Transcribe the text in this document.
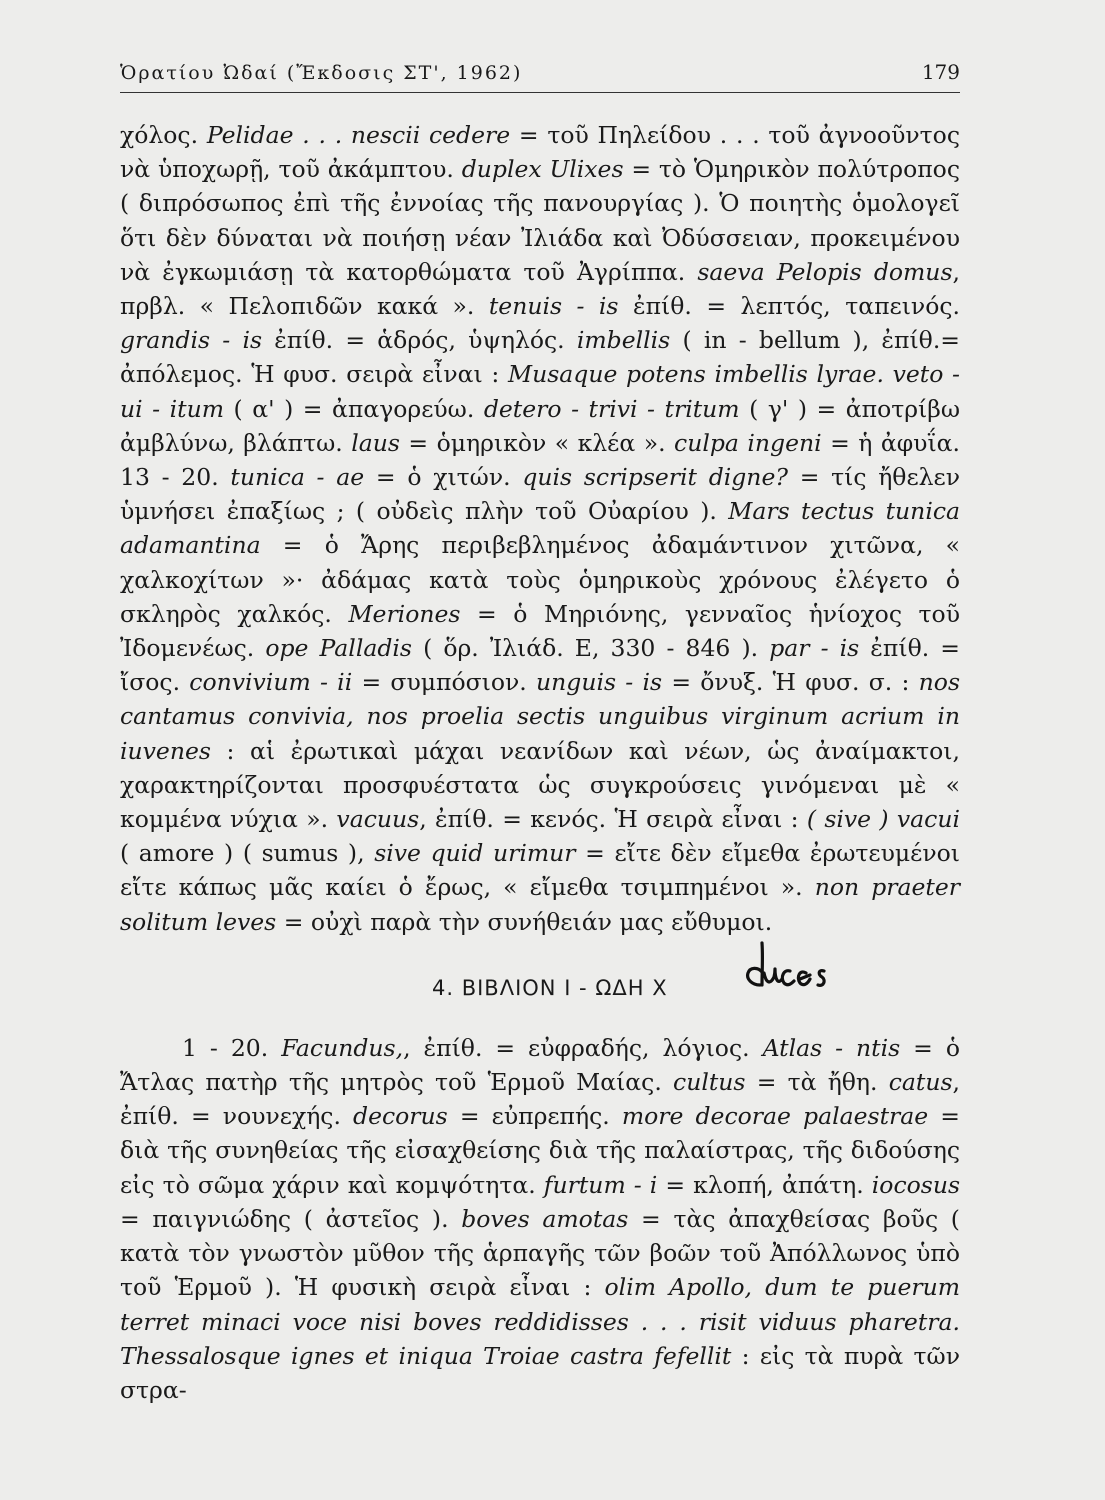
Ὁρατίου Ὠδαί (Ἔκδοσις ΣΤ', 1962)	179

χόλος. Pelidae . . . nescii cedere = τοῦ Πηλείδου . . . τοῦ ἀγνοοῦντος νὰ ὑποχωρῇ, τοῦ ἀκάμπτου. duplex Ulixes = τὸ Ὁμηρικὸν πολύτροπος ( διπρόσωπος ἐπὶ τῆς ἐννοίας τῆς πανουργίας ). Ὁ ποιητὴς ὁμολογεῖ ὅτι δὲν δύναται νὰ ποιήσῃ νέαν Ἰλιάδα καὶ Ὀδύσσειαν, προκειμένου νὰ ἐγκωμιάσῃ τὰ κατορθώματα τοῦ Ἀγρίππα. saeva Pelopis domus, πρβλ. « Πελοπιδῶν κακά ». tenuis - is ἐπίθ. = λεπτός, ταπεινός. grandis - is ἐπίθ. = ἁδρός, ὑψηλός. imbellis ( in - bellum ), ἐπίθ.= ἀπόλεμος. Ἡ φυσ. σειρὰ εἶναι : Musaque potens imbellis lyrae. veto - ui - itum ( α' ) = ἀπαγορεύω. detero - trivi - tritum ( γ' ) = ἀποτρίβω ἀμβλύνω, βλάπτω. laus = ὁμηρικὸν « κλέα ». culpa ingeni = ἡ ἀφυΐα. 13 - 20. tunica - ae = ὁ χιτών. quis scripserit digne? = τίς ἤθελεν ὑμνήσει ἐπαξίως ; ( οὐδεὶς πλὴν τοῦ Οὐαρίου ). Mars tectus tunica adamantina = ὁ Ἄρης περιβεβλημένος ἀδαμάντινον χιτῶνα, « χαλκοχίτων »· ἀδάμας κατὰ τοὺς ὁμηρικοὺς χρόνους ἐλέγετο ὁ σκληρὸς χαλκός. Meriones = ὁ Μηριόνης, γενναῖος ἡνίοχος τοῦ Ἰδομενέως. ope Palladis ( ὅρ. Ἰλιάδ. Ε, 330 - 846 ). par - is ἐπίθ. = ἴσος. convivium - ii = συμπόσιον. unguis - is = ὄνυξ. Ἡ φυσ. σ. : nos cantamus convivia, nos proelia sectis unguibus virginum acrium in iuvenes : αἱ ἐρωτικαὶ μάχαι νεανίδων καὶ νέων, ὡς ἀναίμακτοι, χαρακτηρίζονται προσφυέστατα ὡς συγκρούσεις γινόμεναι μὲ « κομμένα νύχια ». vacuus, ἐπίθ. = κενός. Ἡ σειρὰ εἶναι : ( sive ) vacui ( amore ) ( sumus ), sive quid urimur = εἴτε δὲν εἴμεθα ἐρωτευμένοι εἴτε κάπως μᾶς καίει ὁ ἔρως, « εἴμεθα τσιμπημένοι ». non praeter solitum leves = οὐχὶ παρὰ τὴν συνήθειάν μας εὔθυμοι.

4. ΒΙΒΛΙΟΝ Ι - ΩΔΗ Χ

1 - 20. Facundus,, ἐπίθ. = εὐφραδής, λόγιος. Atlas - ntis = ὁ Ἄτλας πατὴρ τῆς μητρὸς τοῦ Ἑρμοῦ Μαίας. cultus = τὰ ἤθη. catus, ἐπίθ. = νουνεχής. decorus = εὐπρεπής. more decorae palaestrae = διὰ τῆς συνηθείας τῆς εἰσαχθείσης διὰ τῆς παλαίστρας, τῆς διδούσης εἰς τὸ σῶμα χάριν καὶ κομψότητα. furtum - i = κλοπή, ἀπάτη. iocosus = παιγνιώδης ( ἀστεῖος ). boves amotas = τὰς ἀπαχθείσας βοῦς ( κατὰ τὸν γνωστὸν μῦθον τῆς ἁρπαγῆς τῶν βοῶν τοῦ Ἀπόλλωνος ὑπὸ τοῦ Ἑρμοῦ ). Ἡ φυσικὴ σειρὰ εἶναι : olim Apollo, dum te puerum terret minaci voce nisi boves reddidisses . . . risit viduus pharetra. Thessalosque ignes et iniqua Troiae castra fefellit : εἰς τὰ πυρὰ τῶν στρα-
